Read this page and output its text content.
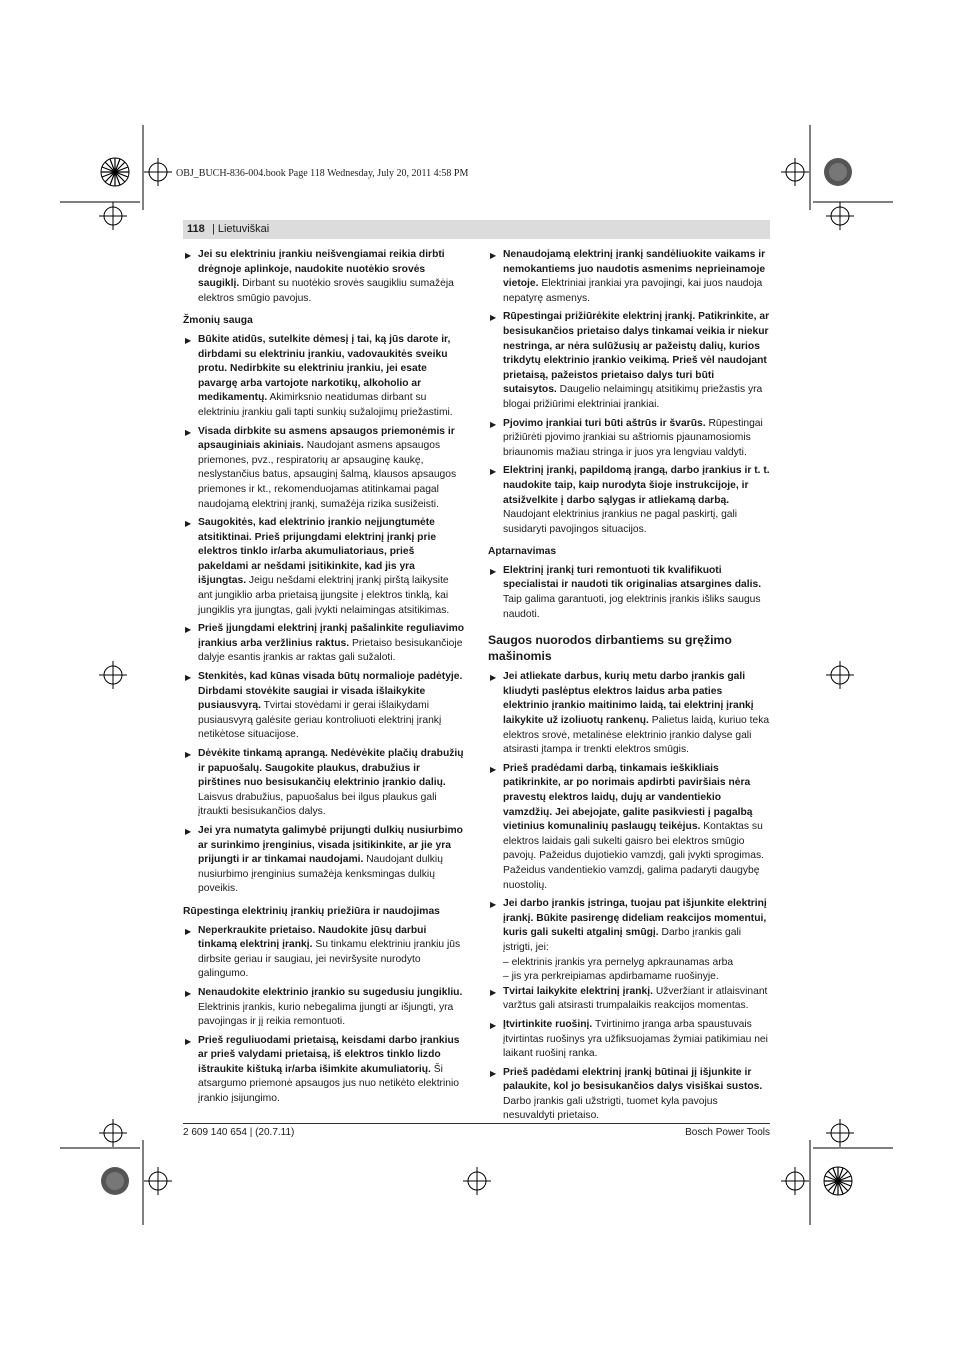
OBJ_BUCH-836-004.book Page 118 Wednesday, July 20, 2011 4:58 PM
118
|	Lietuviškai
▶ Jei su elektriniu įrankiu neišvengiamai reikia dirbti drėgnoje aplinkoje, naudokite nuotėkio srovės saugiklį. Dirbant su nuotėkio srovės saugikliu sumažėja elektros smūgio pavojus.
Žmonių sauga
▶ Būkite atidūs, sutelkite dėmesį į tai, ką jūs darote ir, dirbdami su elektriniu įrankiu, vadovaukitės sveiku protu. Nedirbkite su elektriniu įrankiu, jei esate pavargę arba vartojote narkotikų, alkoholio ar medikamentų. Akimirksnio neatidumas dirbant su elektriniu įrankiu gali tapti sunkių sužalojimų priežastimi.
▶ Visada dirbkite su asmens apsaugos priemonėmis ir apsauginiais akiniais. Naudojant asmens apsaugos priemones, pvz., respiratorių ar apsauginę kaukę, neslystančius batus, apsauginį šalmą, klausos apsaugos priemones ir kt., rekomenduojamas atitinkamai pagal naudojamą elektrinį įrankį, sumažėja rizika susižeisti.
▶ Saugokitės, kad elektrinio įrankio neįjungtumėte atsitiktinai. Prieš prijungdami elektrinį įrankį prie elektros tinklo ir/arba akumuliatoriaus, prieš pakeldami ar nešdami įsitikinkite, kad jis yra išjungtas. Jeigu nešdami elektrinį įrankį pirštą laikysite ant jungiklio arba prietaisą įjungsite į elektros tinklą, kai jungiklis yra įjungtas, gali įvykti nelaimingas atsitikimas.
▶ Prieš įjungdami elektrinį įrankį pašalinkite reguliavimo įrankius arba veržlinius raktus. Prietaiso besisukančioje dalyje esantis įrankis ar raktas gali sužaloti.
▶ Stenkitės, kad kūnas visada būtų normalioje padėtyje. Dirbdami stovėkite saugiai ir visada išlaikykite pusiausvyrą. Tvirtai stovėdami ir gerai išlaikydami pusiausvyrą galėsite geriau kontroliuoti elektrinį įrankį netikėtose situacijose.
▶ Dėvėkite tinkamą aprangą. Nedėvėkite plačių drabužių ir papuošalų. Saugokite plaukus, drabužius ir pirštines nuo besisukančių elektrinio įrankio dalių. Laisvus drabužius, papuošalus bei ilgus plaukus gali įtraukti besisukančios dalys.
▶ Jei yra numatyta galimybė prijungti dulkių nusiurbimo ar surinkimo įrenginius, visada įsitikinkite, ar jie yra prijungti ir ar tinkamai naudojami. Naudojant dulkių nusiurbimo įrenginius sumažėja kenksmingas dulkių poveikis.
Rūpestinga elektrinių įrankių priežiūra ir naudojimas
▶ Neperkraukite prietaiso. Naudokite jūsų darbui tinkamą elektrinį įrankį. Su tinkamu elektriniu įrankiu jūs dirbsite geriau ir saugiau, jei neviršysite nurodyto galingumo.
▶ Nenaudokite elektrinio įrankio su sugedusiu jungikliu. Elektrinis įrankis, kurio nebegalima įjungti ar išjungti, yra pavojingas ir jį reikia remontuoti.
▶ Prieš reguliuodami prietaisą, keisdami darbo įrankius ar prieš valydami prietaisą, iš elektros tinklo lizdo ištraukite kištuką ir/arba išimkite akumuliatorių. Ši atsargumo priemonė apsaugos jus nuo netikėto elektrinio įrankio įsijungimo.
▶ Nenaudojamą elektrinį įrankį sandėliuokite vaikams ir nemokantiems juo naudotis asmenims neprieinamoje vietoje. Elektriniai įrankiai yra pavojingi, kai juos naudoja nepatyrę asmenys.
▶ Rūpestingai prižiūrėkite elektrinį įrankį. Patikrinkite, ar besisukančios prietaiso dalys tinkamai veikia ir niekur nestringa, ar nėra sulūžusių ar pažeistų dalių, kurios trikdytų elektrinio įrankio veikimą. Prieš vėl naudojant prietaisą, pažeistos prietaiso dalys turi būti sutaisytos. Daugelio nelaimingų atsitikimų priežastis yra blogai prižiūrimi elektriniai įrankiai.
▶ Pjovimo įrankiai turi būti aštrūs ir švarūs. Rūpestingai prižiūrėti pjovimo įrankiai su aštriomis pjaunamosiomis briaunomis mažiau stringa ir juos yra lengviau valdyti.
▶ Elektrinį įrankį, papildomą įrangą, darbo įrankius ir t. t. naudokite taip, kaip nurodyta šioje instrukcijoje, ir atsižvelkite į darbo sąlygas ir atliekamą darbą. Naudojant elektrinius įrankius ne pagal paskirtį, gali susidaryti pavojingos situacijos.
Aptarnavimas
▶ Elektrinį įrankį turi remontuoti tik kvalifikuoti specialistai ir naudoti tik originalias atsargines dalis. Taip galima garantuoti, jog elektrinis įrankis išliks saugus naudoti.
Saugos nuorodos dirbantiems su gręžimo mašinomis
▶ Jei atliekate darbus, kurių metu darbo įrankis gali kliudyti paslėptus elektros laidus arba paties elektrinio įrankio maitinimo laidą, tai elektrinį įrankį laikykite už izoliuotų rankenų. Palietus laidą, kuriuo teka elektros srovė, metalinėse elektrinio įrankio dalyse gali atsirasti įtampa ir trenkti elektros smūgis.
▶ Prieš pradėdami darbą, tinkamais ieškikliais patikrinkite, ar po norimais apdirbti paviršiais nėra pravestų elektros laidų, dujų ar vandentiekio vamzdžių. Jei abejojate, galite pasikviesti į pagalbą vietinius komunalinių paslaugų teikėjus. Kontaktas su elektros laidais gali sukelti gaisro bei elektros smūgio pavojų. Pažeidus dujotiekio vamzdį, gali įvykti sprogimas. Pažeidus vandentiekio vamzdį, galima padaryti daugybę nuostolių.
▶ Jei darbo įrankis įstringa, tuojau pat išjunkite elektrinį įrankį. Būkite pasirengę dideliam reakcijos momentui, kuris gali sukelti atgalinį smūgį. Darbo įrankis gali įstrigti, jei:
– elektrinis įrankis yra pernelyg apkraunamas arba
– jis yra perkreipiamas apdirbamame ruošinyje.
▶ Tvirtai laikykite elektrinį įrankį. Užveržiant ir atlaisvinant varžtus gali atsirasti trumpalaikis reakcijos momentas.
▶ Įtvirtinkite ruošinį. Tvirtinimo įranga arba spaustuvais įtvirtintas ruošinys yra užfiksuojamas žymiai patikimiau nei laikant ruošinį ranka.
▶ Prieš padėdami elektrinį įrankį būtinai jį išjunkite ir palaukite, kol jo besisukančios dalys visiškai sustos. Darbo įrankis gali užstrigti, tuomet kyla pavojus nesuvaldyti prietaiso.
2 609 140 654 | (20.7.11)	Bosch Power Tools
